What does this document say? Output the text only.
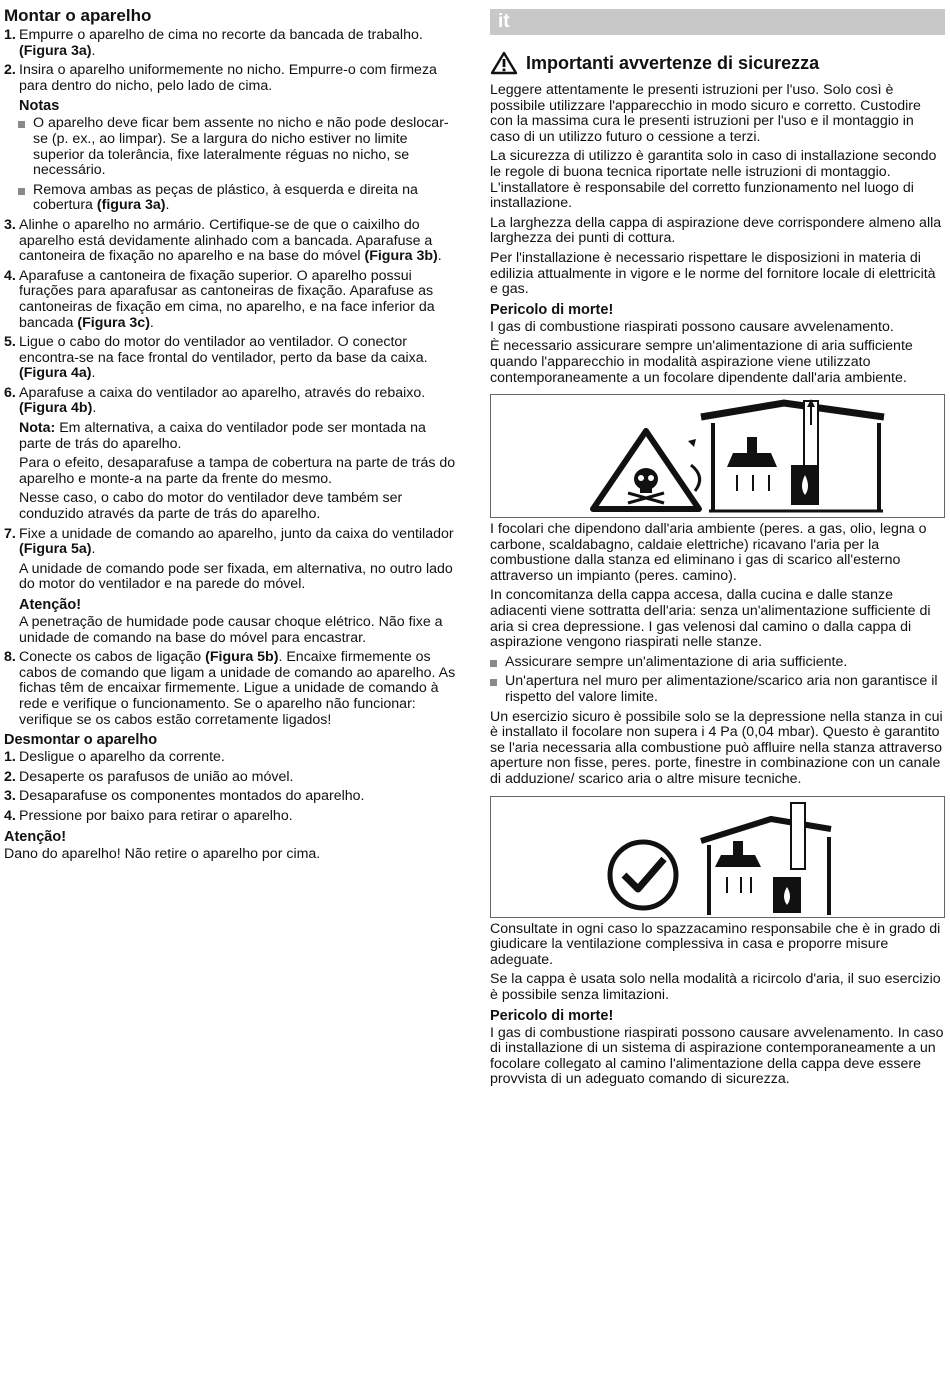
Montar o aparelho
1. Empurre o aparelho de cima no recorte da bancada de trabalho. (Figura 3a).
2. Insira o aparelho uniformemente no nicho. Empurre-o com firmeza para dentro do nicho, pelo lado de cima.
Notas
O aparelho deve ficar bem assente no nicho e não pode deslocar-se (p. ex., ao limpar). Se a largura do nicho estiver no limite superior da tolerância, fixe lateralmente réguas no nicho, se necessário.
Remova ambas as peças de plástico, à esquerda e direita na cobertura (figura 3a).
3. Alinhe o aparelho no armário. Certifique-se de que o caixilho do aparelho está devidamente alinhado com a bancada. Aparafuse a cantoneira de fixação no aparelho e na base do móvel (Figura 3b).
4. Aparafuse a cantoneira de fixação superior. O aparelho possui furações para aparafusar as cantoneiras de fixação. Aparafuse as cantoneiras de fixação em cima, no aparelho, e na face inferior da bancada (Figura 3c).
5. Ligue o cabo do motor do ventilador ao ventilador. O conector encontra-se na face frontal do ventilador, perto da base da caixa. (Figura 4a).
6. Aparafuse a caixa do ventilador ao aparelho, através do rebaixo. (Figura 4b).

Nota: Em alternativa, a caixa do ventilador pode ser montada na parte de trás do aparelho.

Para o efeito, desaparafuse a tampa de cobertura na parte de trás do aparelho e monte-a na parte da frente do mesmo.

Nesse caso, o cabo do motor do ventilador deve também ser conduzido através da parte de trás do aparelho.

7. Fixe a unidade de comando ao aparelho, junto da caixa do ventilador (Figura 5a).

A unidade de comando pode ser fixada, em alternativa, no outro lado do motor do ventilador e na parede do móvel.

Atenção!

A penetração de humidade pode causar choque elétrico. Não fixe a unidade de comando na base do móvel para encastrar.

8. Conecte os cabos de ligação (Figura 5b). Encaixe firmemente os cabos de comando que ligam a unidade de comando ao aparelho. As fichas têm de encaixar firmemente. Ligue a unidade de comando à rede e verifique o funcionamento. Se o aparelho não funcionar: verifique se os cabos estão corretamente ligados!
Desmontar o aparelho
1. Desligue o aparelho da corrente.
2. Desaperte os parafusos de união ao móvel.
3. Desaparafuse os componentes montados do aparelho.
4. Pressione por baixo para retirar o aparelho.
Atenção!

Dano do aparelho! Não retire o aparelho por cima.

it
Importanti avvertenze di sicurezza

Leggere attentamente le presenti istruzioni per l'uso. Solo così è possibile utilizzare l'apparecchio in modo sicuro e corretto. Custodire con la massima cura le presenti istruzioni per l'uso e il montaggio in caso di un utilizzo futuro o cessione a terzi.

La sicurezza di utilizzo è garantita solo in caso di installazione secondo le regole di buona tecnica riportate nelle istruzioni di montaggio. L'installatore è responsabile del corretto funzionamento nel luogo di installazione.

La larghezza della cappa di aspirazione deve corrispondere almeno alla larghezza dei punti di cottura.

Per l'installazione è necessario rispettare le disposizioni in materia di edilizia attualmente in vigore e le norme del fornitore locale di elettricità e gas.

Pericolo di morte!

I gas di combustione riaspirati possono causare avvelenamento.

È necessario assicurare sempre un'alimentazione di aria sufficiente quando l'apparecchio in modalità aspirazione viene utilizzato contemporaneamente a un focolare dipendente dall'aria ambiente.

I focolari che dipendono dall'aria ambiente (peres. a gas, olio, legna o carbone, scaldabagno, caldaie elettriche) ricavano l'aria per la combustione dalla stanza ed eliminano i gas di scarico all'esterno attraverso un impianto (peres. camino).

In concomitanza della cappa accesa, dalla cucina e dalle stanze adiacenti viene sottratta dell'aria: senza un'alimentazione sufficiente di aria si crea depressione. I gas velenosi dal camino o dalla cappa di aspirazione vengono riaspirati nelle stanze.

Assicurare sempre un'alimentazione di aria sufficiente.
Un'apertura nel muro per alimentazione/scarico aria non garantisce il rispetto del valore limite.

Un esercizio sicuro è possibile solo se la depressione nella stanza in cui è installato il focolare non supera i 4 Pa (0,04 mbar). Questo è garantito se l'aria necessaria alla combustione può affluire nella stanza attraverso aperture non fisse, peres. porte, finestre in combinazione con un canale di adduzione/ scarico aria o altre misure tecniche.

Consultate in ogni caso lo spazzacamino responsabile che è in grado di giudicare la ventilazione complessiva in casa e proporre misure adeguate.

Se la cappa è usata solo nella modalità a ricircolo d'aria, il suo esercizio è possibile senza limitazioni.

Pericolo di morte!

I gas di combustione riaspirati possono causare avvelenamento. In caso di installazione di un sistema di aspirazione contemporaneamente a un focolare collegato al camino l'alimentazione della cappa deve essere provvista di un adeguato comando di sicurezza.
